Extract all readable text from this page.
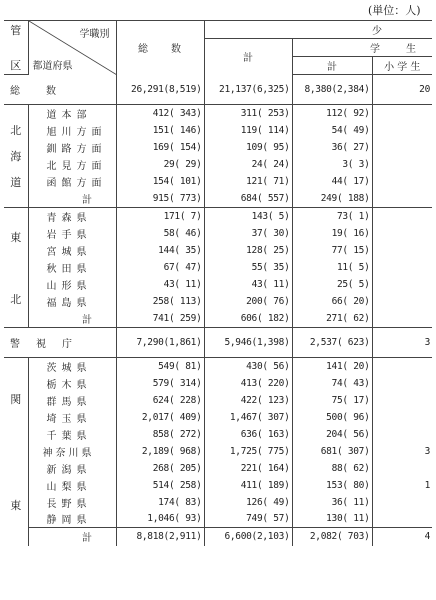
(単位：人)
管	学職別
都道府県	総　　数	少		
			計	学　　生	
区				計	小 学 生
総　　数		26,291(8,519)	21,137(6,325)	8,380(2,384)	20

北
海
道	道本部	412( 343)	311( 253)	112( 92)	
	旭川方面	151( 146)	119( 114)	54( 49)	
	釧路方面	169( 154)	109( 95)	36( 27)	
	北見方面	29( 29)	24( 24)	3( 3)	
	函館方面	154( 101)	121( 71)	44( 17)	
	計	915( 773)	684( 557)	249( 188)	

東
北	青森県	171( 7)	143( 5)	73( 1)	
	岩手県	58( 46)	37( 30)	19( 16)	
	宮城県	144( 35)	128( 25)	77( 15)	
	秋田県	67( 47)	55( 35)	11( 5)	
	山形県	43( 11)	43( 11)	25( 5)	
	福島県	258( 113)	200( 76)	66( 20)	
	計	741( 259)	606( 182)	271( 62)	
警　視　庁		7,290(1,861)	5,946(1,398)	2,537( 623)	3

関
東	茨城県	549( 81)	430( 56)	141( 20)	
	栃木県	579( 314)	413( 220)	74( 43)	
	群馬県	624( 228)	422( 123)	75( 17)	
	埼玉県	2,017( 409)	1,467( 307)	500( 96)	
	千葉県	858( 272)	636( 163)	204( 56)	
	神奈川県	2,189( 968)	1,725( 775)	681( 307)	3
	新潟県	268( 205)	221( 164)	88( 62)	
	山梨県	514( 258)	411( 189)	153( 80)	1
	長野県	174( 83)	126( 49)	36( 11)	
	静岡県	1,046( 93)	749( 57)	130( 11)	
	計	8,818(2,911)	6,600(2,103)	2,082( 703)	4
